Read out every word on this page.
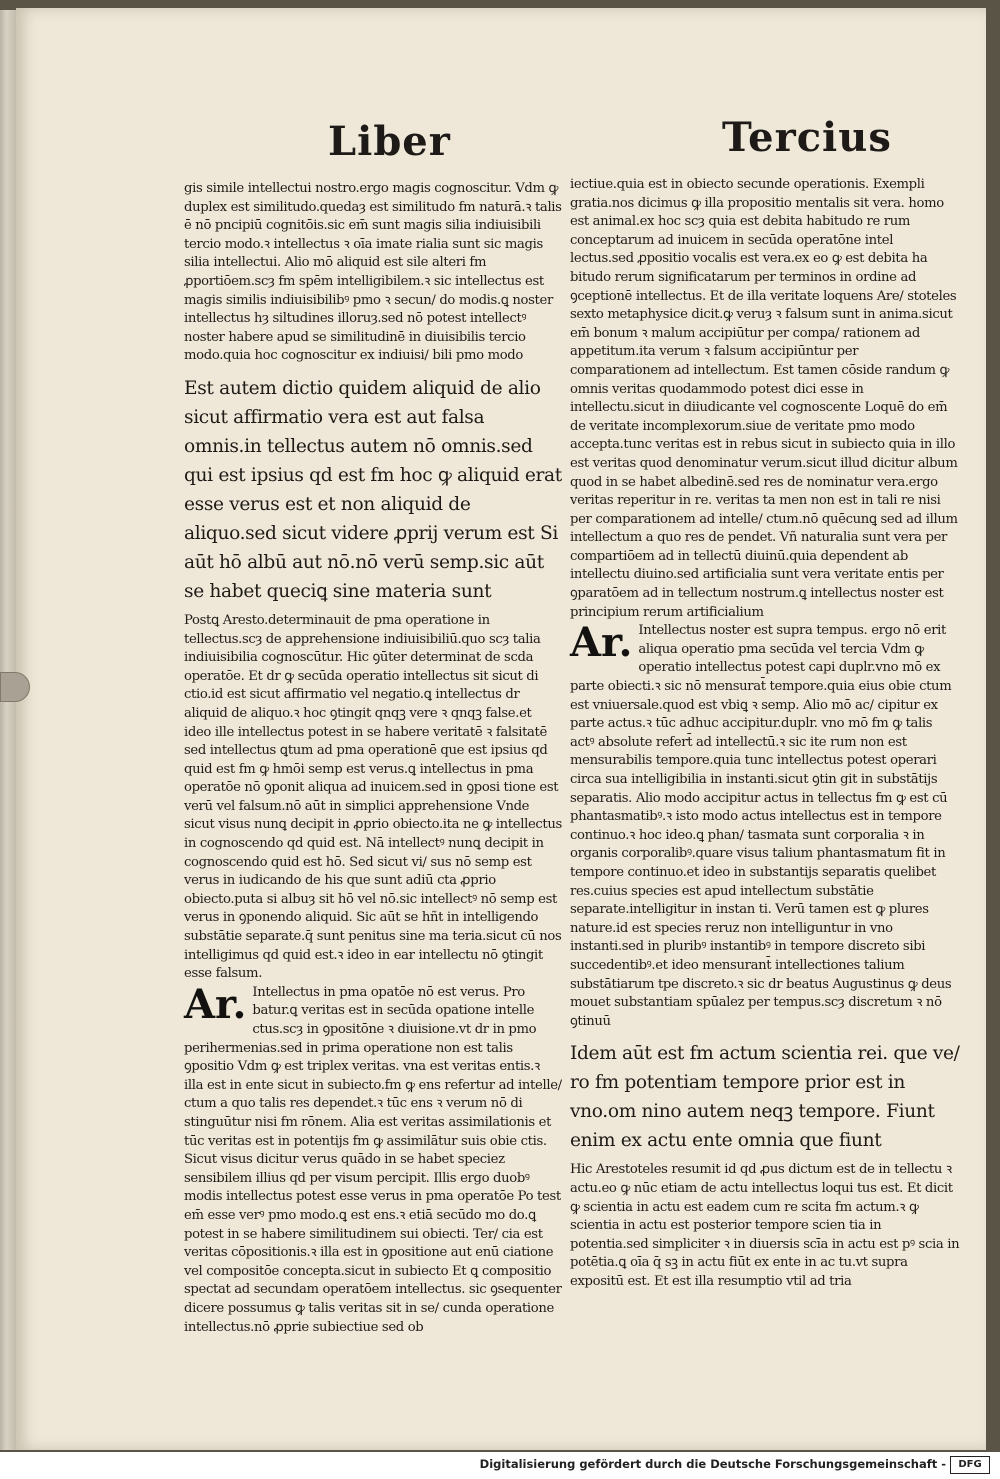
Liber	Tercius

gis simile intellectui nostro.ergo magis cognoscitur. Vdm ꝙ duplex est similitudo.quedaȝ est similitudo fm naturā.ꝛ talis ē nō pncipiū cognitōis.sic em̄ sunt magis silia indiuisibili tercio modo.ꝛ intellectus ꝛ oīa imate rialia sunt sic magis silia intellectui. Alio mō aliquid est sile alteri fm ꝓportiōem.scȝ fm spēm intelligibilem.ꝛ sic intellectus est magis similis indiuisibilibꝰ pmo ꝛ secun/ do modis.ꝗ noster intellectus hȝ siltudines illoruȝ.sed nō potest intellectꝰ noster habere apud se similitudinē in diuisibilis tercio modo.quia hoc cognoscitur ex indiuisi/ bili pmo modo

Est autem dictio quidem aliquid de alio sicut affirmatio vera est aut falsa omnis.in tellectus autem nō omnis.sed qui est ipsius qd est fm hoc ꝙ aliquid erat esse verus est et non aliquid de aliquo.sed sicut videre ꝓprij verum est Si aūt hō albū aut nō.nō verū semp.sic aūt se habet queciꝗ sine materia sunt

Postꝗ Aresto.determinauit de pma operatione in tellectus.scȝ de apprehensione indiuisibiliū.quo scȝ talia indiuisibilia cognoscūtur. Hic ꝯūter determinat de scda operatōe. Et dr ꝙ secūda operatio intellectus sit sicut di ctio.id est sicut affirmatio vel negatio.ꝗ intellectus dr aliquid de aliquo.ꝛ hoc ꝯtingit qnqꝫ vere ꝛ qnqꝫ false.et ideo ille intellectus potest in se habere veritatē ꝛ falsitatē sed intellectus ꝗtum ad pma operationē que est ipsius qd quid est fm ꝙ hmōi semp est verus.ꝗ intellectus in pma operatōe nō ꝯponit aliqua ad inuicem.sed in ꝯposi tione est verū vel falsum.nō aūt in simplici apprehensione Vnde sicut visus nunꝗ decipit in ꝓprio obiecto.ita ne ꝙ intellectus in cognoscendo qd quid est. Nā intellectꝰ nunꝗ decipit in cognoscendo quid est hō. Sed sicut vi/ sus nō semp est verus in iudicando de his que sunt adiū cta ꝓprio obiecto.puta si albuȝ sit hō vel nō.sic intellectꝰ nō semp est verus in ꝯponendo aliquid. Sic aūt se hñt in intelligendo substātie separate.q̄ sunt penitus sine ma teria.sicut cū nos intelligimus qd quid est.ꝛ ideo in ear intellectu nō ꝯtingit esse falsum.

Ar. Intellectus in pma opatōe nō est verus. Pro batur.ꝗ veritas est in secūda opatione intelle ctus.scȝ in ꝯpositōne ꝛ diuisione.vt dr in pmo perihermenias.sed in prima operatione non est talis ꝯpositio Vdm ꝙ est triplex veritas. vna est veritas entis.ꝛ illa est in ente sicut in subiecto.fm ꝙ ens refertur ad intelle/ ctum a quo talis res dependet.ꝛ tūc ens ꝛ verum nō di stinguūtur nisi fm rōnem. Alia est veritas assimilationis et tūc veritas est in potentijs fm ꝙ assimilātur suis obie ctis. Sicut visus dicitur verus quādo in se habet speciez sensibilem illius qd per visum percipit. Illis ergo duobꝰ modis intellectus potest esse verus in pma operatōe Po test em̄ esse verꝰ pmo modo.ꝗ est ens.ꝛ etiā secūdo mo do.ꝗ potest in se habere similitudinem sui obiecti. Ter/ cia est veritas cōpositionis.ꝛ illa est in ꝯpositione aut enū ciatione vel compositōe concepta.sicut in subiecto Et ꝗ compositio spectat ad secundam operatōem intellectus. sic ꝯsequenter dicere possumus ꝙ talis veritas sit in se/ cunda operatione intellectus.nō ꝓprie subiectiue sed ob

iectiue.quia est in obiecto secunde operationis. Exempli gratia.nos dicimus ꝙ illa propositio mentalis sit vera. homo est animal.ex hoc scȝ quia est debita habitudo re rum conceptarum ad inuicem in secūda operatōne intel lectus.sed ꝓpositio vocalis est vera.ex eo ꝙ est debita ha bitudo rerum significatarum per terminos in ordine ad ꝯceptionē intellectus. Et de illa veritate loquens Are/ stoteles sexto metaphysice dicit.ꝙ veruȝ ꝛ falsum sunt in anima.sicut em̄ bonum ꝛ malum accipiūtur per compa/ rationem ad appetitum.ita verum ꝛ falsum accipiūntur per comparationem ad intellectum. Est tamen cōside randum ꝙ omnis veritas quodammodo potest dici esse in intellectu.sicut in diiudicante vel cognoscente Loquē do em̄ de veritate incomplexorum.siue de veritate pmo modo accepta.tunc veritas est in rebus sicut in subiecto quia in illo est veritas quod denominatur verum.sicut illud dicitur album quod in se habet albedinē.sed res de nominatur vera.ergo veritas reperitur in re. veritas ta men non est in tali re nisi per comparationem ad intelle/ ctum.nō quēcunꝗ sed ad illum intellectum a quo res de pendet. Vñ naturalia sunt vera per compartiōem ad in tellectū diuinū.quia dependent ab intellectu diuino.sed artificialia sunt vera veritate entis per ꝯparatōem ad in tellectum nostrum.ꝗ intellectus noster est principium rerum artificialium

Ar. Intellectus noster est supra tempus. ergo nō erit aliqua operatio pma secūda vel tercia Vdm ꝙ operatio intellectus potest capi duplr.vno mō ex parte obiecti.ꝛ sic nō mensurat̄ tempore.quia eius obie ctum est vniuersale.quod est vbiꝗ ꝛ semp. Alio mō ac/ cipitur ex parte actus.ꝛ tūc adhuc accipitur.duplr. vno mō fm ꝙ talis actꝰ absolute refert̄ ad intellectū.ꝛ sic ite rum non est mensurabilis tempore.quia tunc intellectus potest operari circa sua intelligibilia in instanti.sicut ꝯtin git in substātijs separatis. Alio modo accipitur actus in tellectus fm ꝙ est cū phantasmatibꝰ.ꝛ isto modo actus intellectus est in tempore continuo.ꝛ hoc ideo.ꝗ phan/ tasmata sunt corporalia ꝛ in organis corporalibꝰ.quare visus talium phantasmatum fit in tempore continuo.et ideo in substantijs separatis quelibet res.cuius species est apud intellectum substātie separate.intelligitur in instan ti. Verū tamen est ꝙ plures nature.id est species reruz non intelliguntur in vno instanti.sed in pluribꝰ instantibꝰ in tempore discreto sibi succedentibꝰ.et ideo mensurant̄ intellectiones talium substātiarum tpe discreto.ꝛ sic dr beatus Augustinus ꝙ deus mouet substantiam spūalez per tempus.scȝ discretum ꝛ nō ꝯtinuū

Idem aūt est fm actum scientia rei. que ve/ ro fm potentiam tempore prior est in vno.om nino autem neqꝫ tempore. Fiunt enim ex actu ente omnia que fiunt

Hic Arestoteles resumit id qd ꝓus dictum est de in tellectu ꝛ actu.eo ꝙ nūc etiam de actu intellectus loqui tus est. Et dicit ꝙ scientia in actu est eadem cum re scita fm actum.ꝛ ꝙ scientia in actu est posterior tempore scien tia in potentia.sed simpliciter ꝛ in diuersis scīa in actu est pꝰ scia in potētia.ꝗ oīa q̄ sꝫ in actu fiūt ex ente in ac tu.vt supra expositū est. Et est illa resumptio vtil ad tria

Digitalisierung gefördert durch die Deutsche Forschungsgemeinschaft -	DFG
